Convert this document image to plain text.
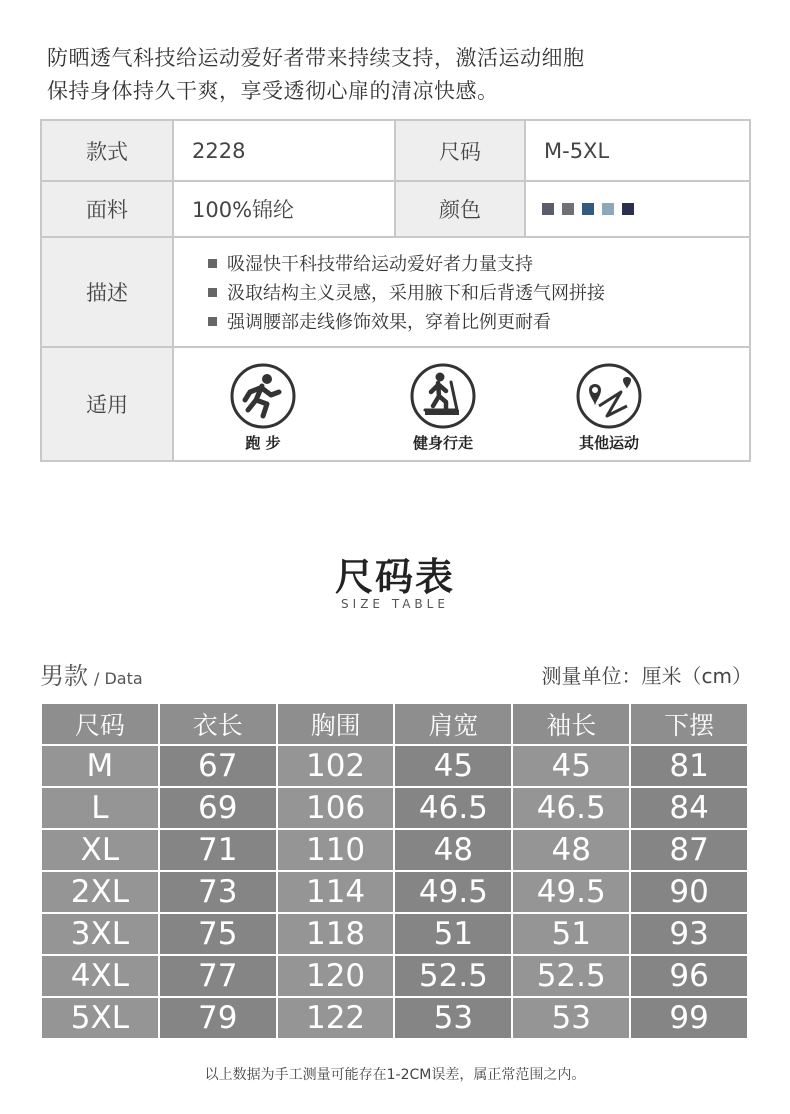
防晒透气科技给运动爱好者带来持续支持，激活运动细胞
保持身体持久干爽，享受透彻心扉的清凉快感。
款式	2228	尺码	M-5XL
面料	100%锦纶	颜色	

描述	吸湿快干科技带给运动爱好者力量支持
汲取结构主义灵感，采用腋下和后背透气网拼接
强调腰部走线修饰效果，穿着比例更耐看		

适用	跑 步 健身行走 其他运动		
尺码表
SIZE TABLE
男款 / Data	测量单位：厘米（cm）
尺码	衣长	胸围	肩宽	袖长	下摆
M	67	102	45	45	81
L	69	106	46.5	46.5	84
XL	71	110	48	48	87
2XL	73	114	49.5	49.5	90
3XL	75	118	51	51	93
4XL	77	120	52.5	52.5	96
5XL	79	122	53	53	99
以上数据为手工测量可能存在1-2CM误差，属正常范围之内。
